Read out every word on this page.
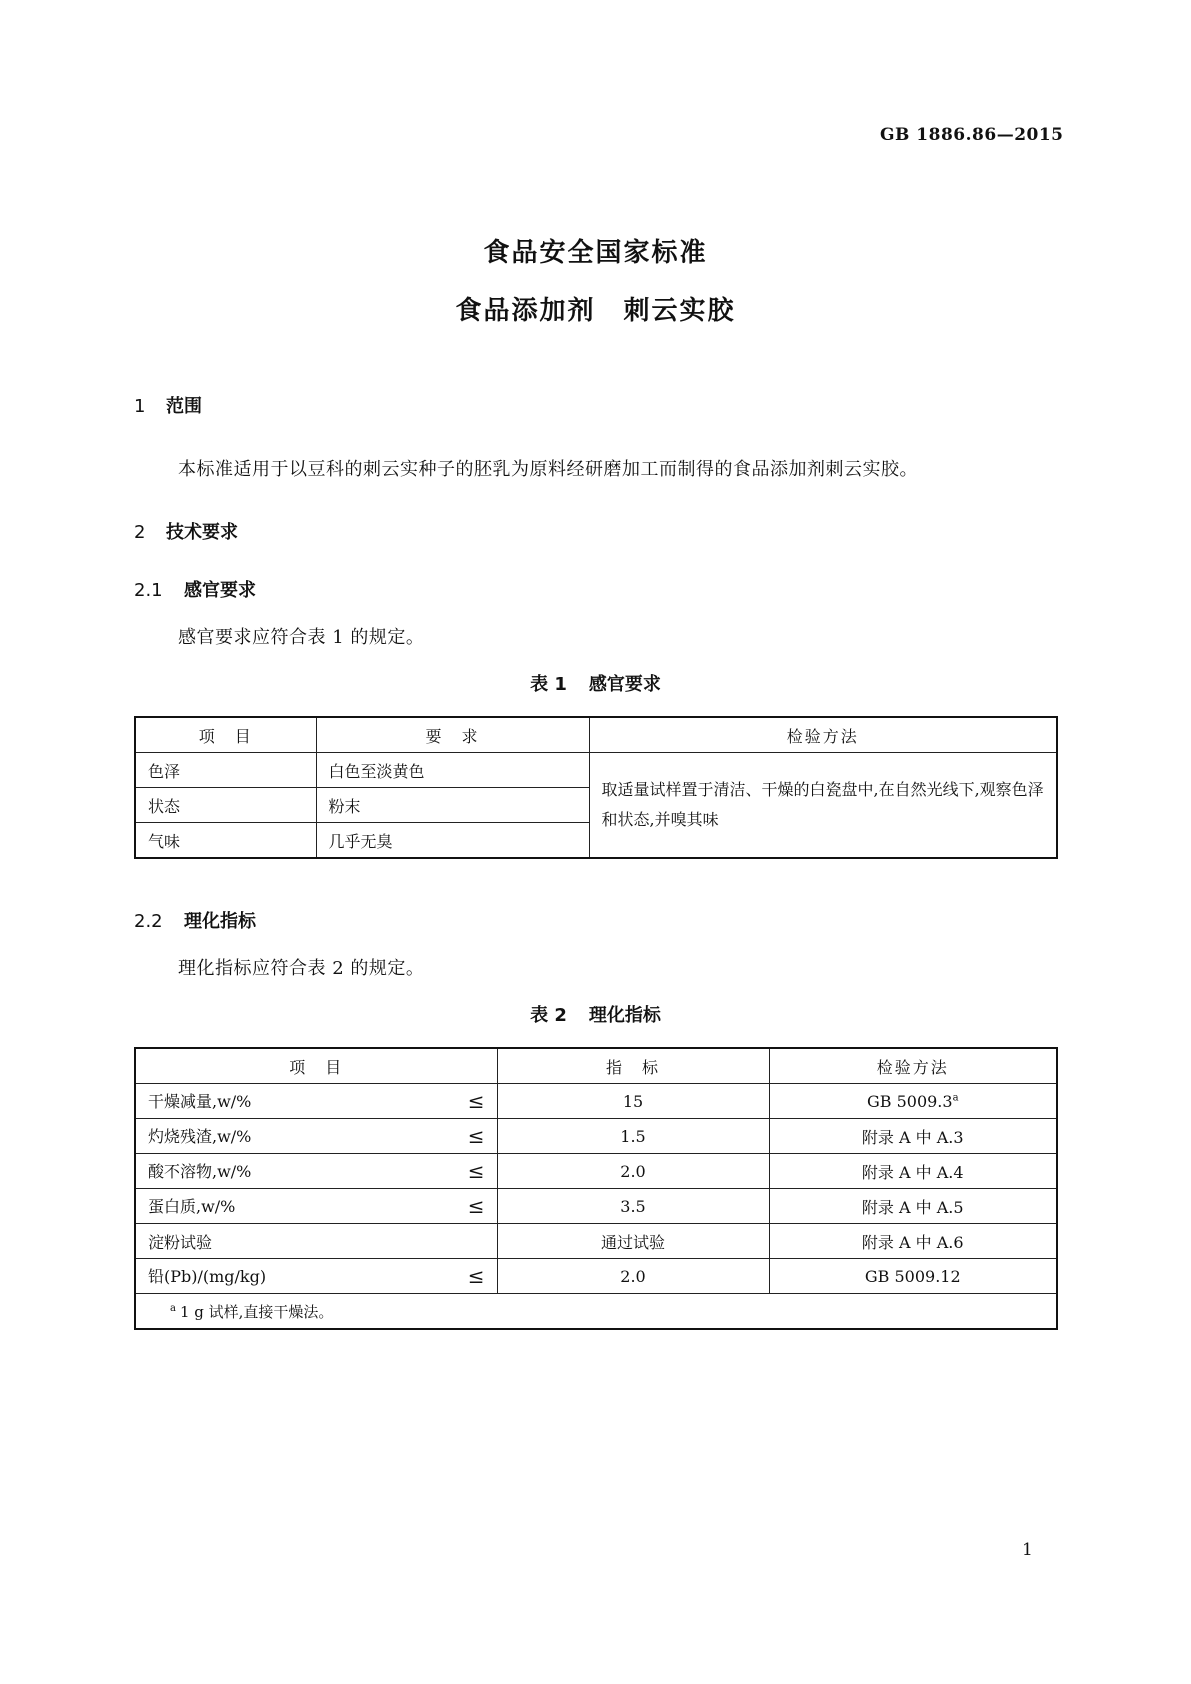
GB 1886.86—2015
食品安全国家标准
食品添加剂　刺云实胶
1 范围
本标准适用于以豆科的刺云实种子的胚乳为原料经研磨加工而制得的食品添加剂刺云实胶。
2 技术要求
2.1 感官要求
感官要求应符合表 1 的规定。
表 1 感官要求
项　目	要　求	检验方法
色泽	白色至淡黄色	取适量试样置于清洁、干燥的白瓷盘中,在自然光线下,观察色泽和状态,并嗅其味
状态	粉末	
气味	几乎无臭	
2.2 理化指标
理化指标应符合表 2 的规定。
表 2 理化指标
项　目	指　标	检验方法
干燥减量,w/% ≤	15	GB 5009.3$^a$
灼烧残渣,w/% ≤	1.5	附录 A 中 A.3
酸不溶物,w/% ≤	2.0	附录 A 中 A.4
蛋白质,w/% ≤	3.5	附录 A 中 A.5
淀粉试验	通过试验	附录 A 中 A.6
铅(Pb)/(mg/kg) ≤	2.0	GB 5009.12
$^a$ 1 g 试样,直接干燥法。		
1
